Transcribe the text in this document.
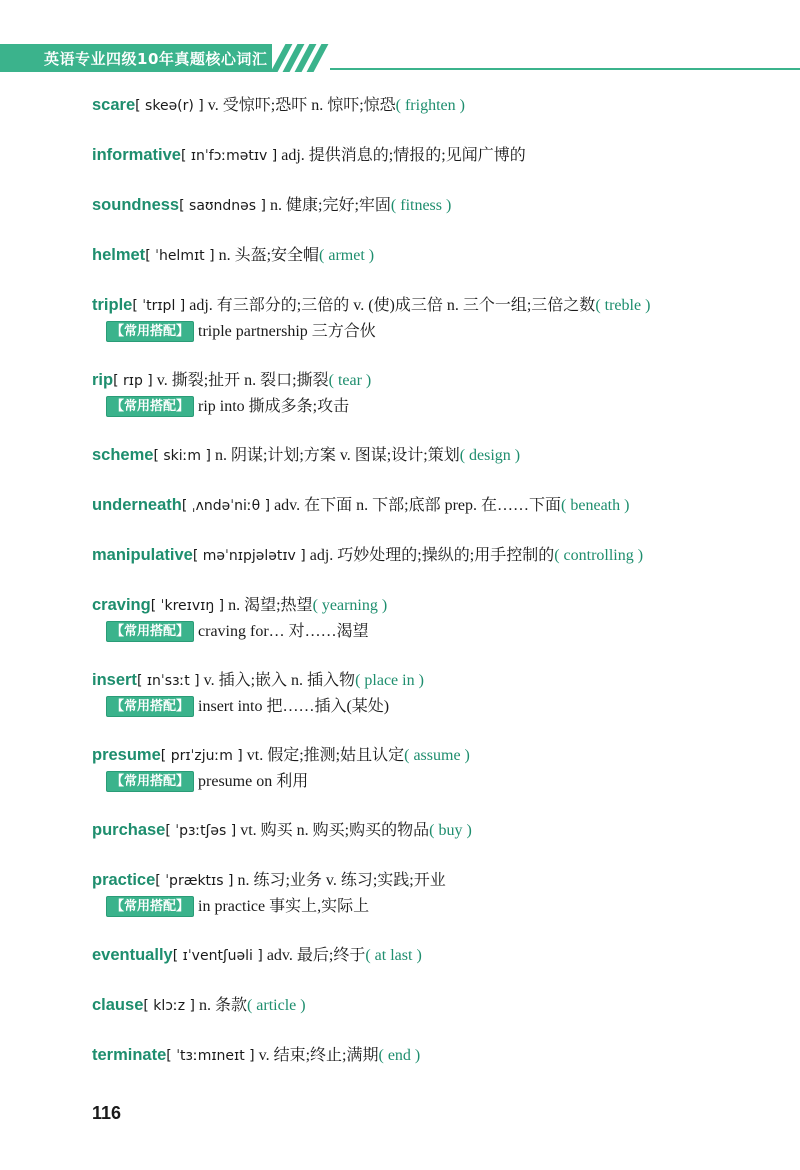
英语专业四级10年真题核心词汇
scare[ skeə(r) ] v. 受惊吓;恐吓 n. 惊吓;惊恐( frighten )
informative[ ɪnˈfɔːmətɪv ] adj. 提供消息的;情报的;见闻广博的
soundness[ saʊndnəs ] n. 健康;完好;牢固( fitness )
helmet[ ˈhelmɪt ] n. 头盔;安全帽( armet )
triple[ ˈtrɪpl ] adj. 有三部分的;三倍的 v. (使)成三倍 n. 三个一组;三倍之数( treble )
【常用搭配】 triple partnership 三方合伙
rip[ rɪp ] v. 撕裂;扯开 n. 裂口;撕裂( tear )
【常用搭配】 rip into 撕成多条;攻击
scheme[ skiːm ] n. 阴谋;计划;方案 v. 图谋;设计;策划( design )
underneath[ ˌʌndəˈniːθ ] adv. 在下面 n. 下部;底部 prep. 在……下面( beneath )
manipulative[ məˈnɪpjələtɪv ] adj. 巧妙处理的;操纵的;用手控制的( controlling )
craving[ ˈkreɪvɪŋ ] n. 渴望;热望( yearning )
【常用搭配】 craving for… 对……渴望
insert[ ɪnˈsɜːt ] v. 插入;嵌入 n. 插入物( place in )
【常用搭配】 insert into 把……插入(某处)
presume[ prɪˈzjuːm ] vt. 假定;推测;姑且认定( assume )
【常用搭配】 presume on 利用
purchase[ ˈpɜːtʃəs ] vt. 购买 n. 购买;购买的物品( buy )
practice[ ˈpræktɪs ] n. 练习;业务 v. 练习;实践;开业
【常用搭配】 in practice 事实上,实际上
eventually[ ɪˈventʃuəli ] adv. 最后;终于( at last )
clause[ klɔːz ] n. 条款( article )
terminate[ ˈtɜːmɪneɪt ] v. 结束;终止;满期( end )
116
